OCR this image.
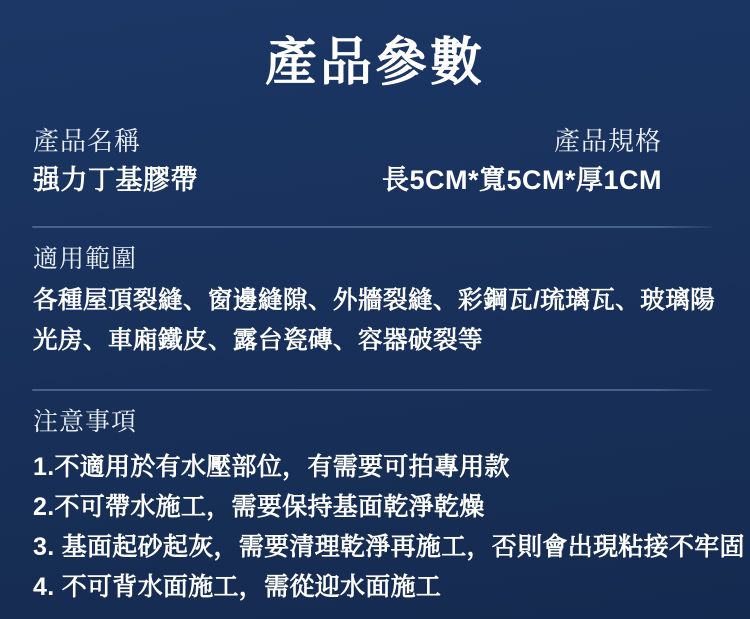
產品參數
產品名稱
强力丁基膠帶
產品規格
長5CM*寬5CM*厚1CM
適用範圍
各種屋頂裂縫、窗邊縫隙、外牆裂縫、彩鋼瓦/琉璃瓦、玻璃陽光房、車廂鐵皮、露台瓷磚、容器破裂等
注意事項
1.不適用於有水壓部位，有需要可拍專用款
2.不可帶水施工，需要保持基面乾淨乾燥
3. 基面起砂起灰，需要清理乾淨再施工，否則會出現粘接不牢固
4. 不可背水面施工，需從迎水面施工
